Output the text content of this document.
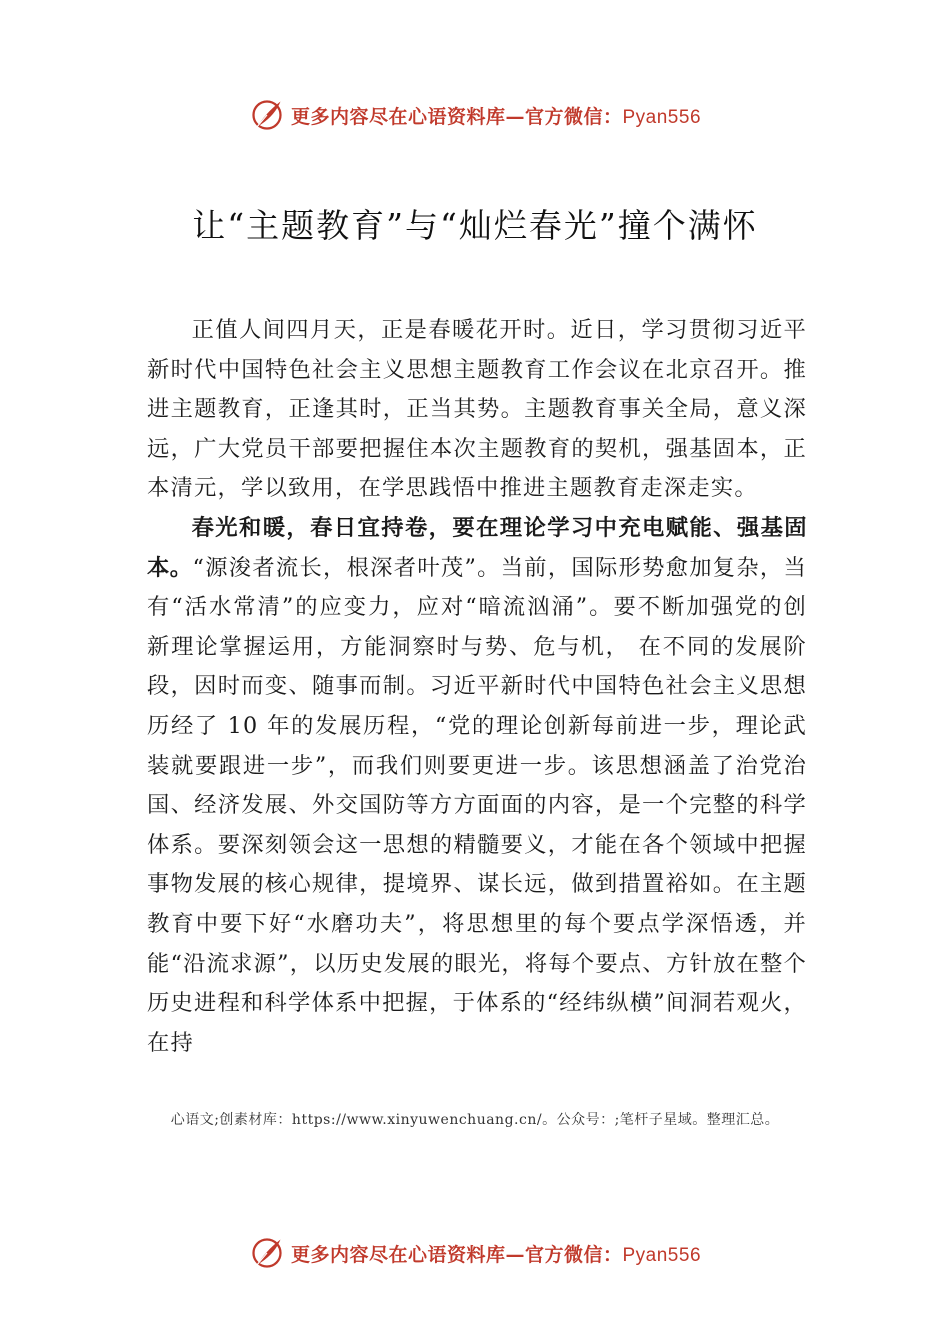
更多内容尽在心语资料库—官方微信：Pyan556
让“主题教育”与“灿烂春光”撞个满怀

正值人间四月天，正是春暖花开时。近日，学习贯彻习近平新时代中国特色社会主义思想主题教育工作会议在北京召开。推进主题教育，正逢其时，正当其势。主题教育事关全局，意义深远，广大党员干部要把握住本次主题教育的契机，强基固本，正本清元，学以致用，在学思践悟中推进主题教育走深走实。

春光和暖，春日宜持卷，要在理论学习中充电赋能、强基固本。“源浚者流长，根深者叶茂”。当前，国际形势愈加复杂，当有“活水常清”的应变力，应对“暗流汹涌”。要不断加强党的创新理论掌握运用，方能洞察时与势、危与机， 在不同的发展阶段，因时而变、随事而制。习近平新时代中国特色社会主义思想历经了 10 年的发展历程，“党的理论创新每前进一步，理论武装就要跟进一步”，而我们则要更进一步。该思想涵盖了治党治国、经济发展、外交国防等方方面面的内容，是一个完整的科学体系。要深刻领会这一思想的精髓要义，才能在各个领域中把握事物发展的核心规律，提境界、谋长远，做到措置裕如。在主题教育中要下好“水磨功夫”，将思想里的每个要点学深悟透，并能“沿流求源”，以历史发展的眼光，将每个要点、方针放在整个历史进程和科学体系中把握，于体系的“经纬纵横”间洞若观火，在持

心语文;创素材库：https://www.xinyuwenchuang.cn/。公众号：;笔杆子星域。整理汇总。

更多内容尽在心语资料库—官方微信：Pyan556
